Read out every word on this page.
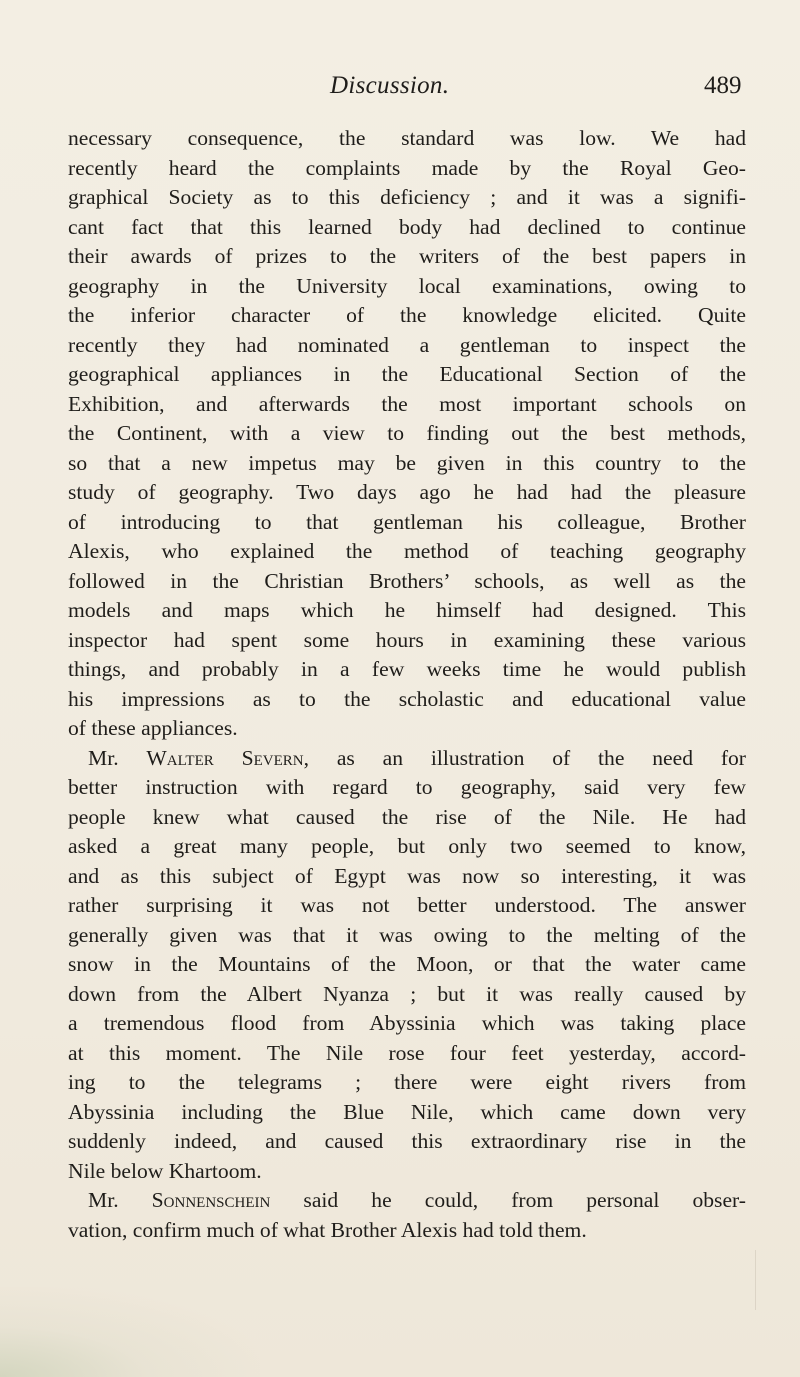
Discussion.	489
necessary consequence, the standard was low. We had
recently heard the complaints made by the Royal Geo-
graphical Society as to this deficiency ; and it was a signifi-
cant fact that this learned body had declined to continue
their awards of prizes to the writers of the best papers in
geography in the University local examinations, owing to
the inferior character of the knowledge elicited. Quite
recently they had nominated a gentleman to inspect the
geographical appliances in the Educational Section of the
Exhibition, and afterwards the most important schools on
the Continent, with a view to finding out the best methods,
so that a new impetus may be given in this country to the
study of geography. Two days ago he had had the pleasure
of introducing to that gentleman his colleague, Brother
Alexis, who explained the method of teaching geography
followed in the Christian Brothers’ schools, as well as the
models and maps which he himself had designed. This
inspector had spent some hours in examining these various
things, and probably in a few weeks time he would publish
his impressions as to the scholastic and educational value
of these appliances.
Mr. Walter Severn, as an illustration of the need for
better instruction with regard to geography, said very few
people knew what caused the rise of the Nile. He had
asked a great many people, but only two seemed to know,
and as this subject of Egypt was now so interesting, it was
rather surprising it was not better understood. The answer
generally given was that it was owing to the melting of the
snow in the Mountains of the Moon, or that the water came
down from the Albert Nyanza ; but it was really caused by
a tremendous flood from Abyssinia which was taking place
at this moment. The Nile rose four feet yesterday, accord-
ing to the telegrams ; there were eight rivers from
Abyssinia including the Blue Nile, which came down very
suddenly indeed, and caused this extraordinary rise in the
Nile below Khartoom.
Mr. Sonnenschein said he could, from personal obser-
vation, confirm much of what Brother Alexis had told them.
